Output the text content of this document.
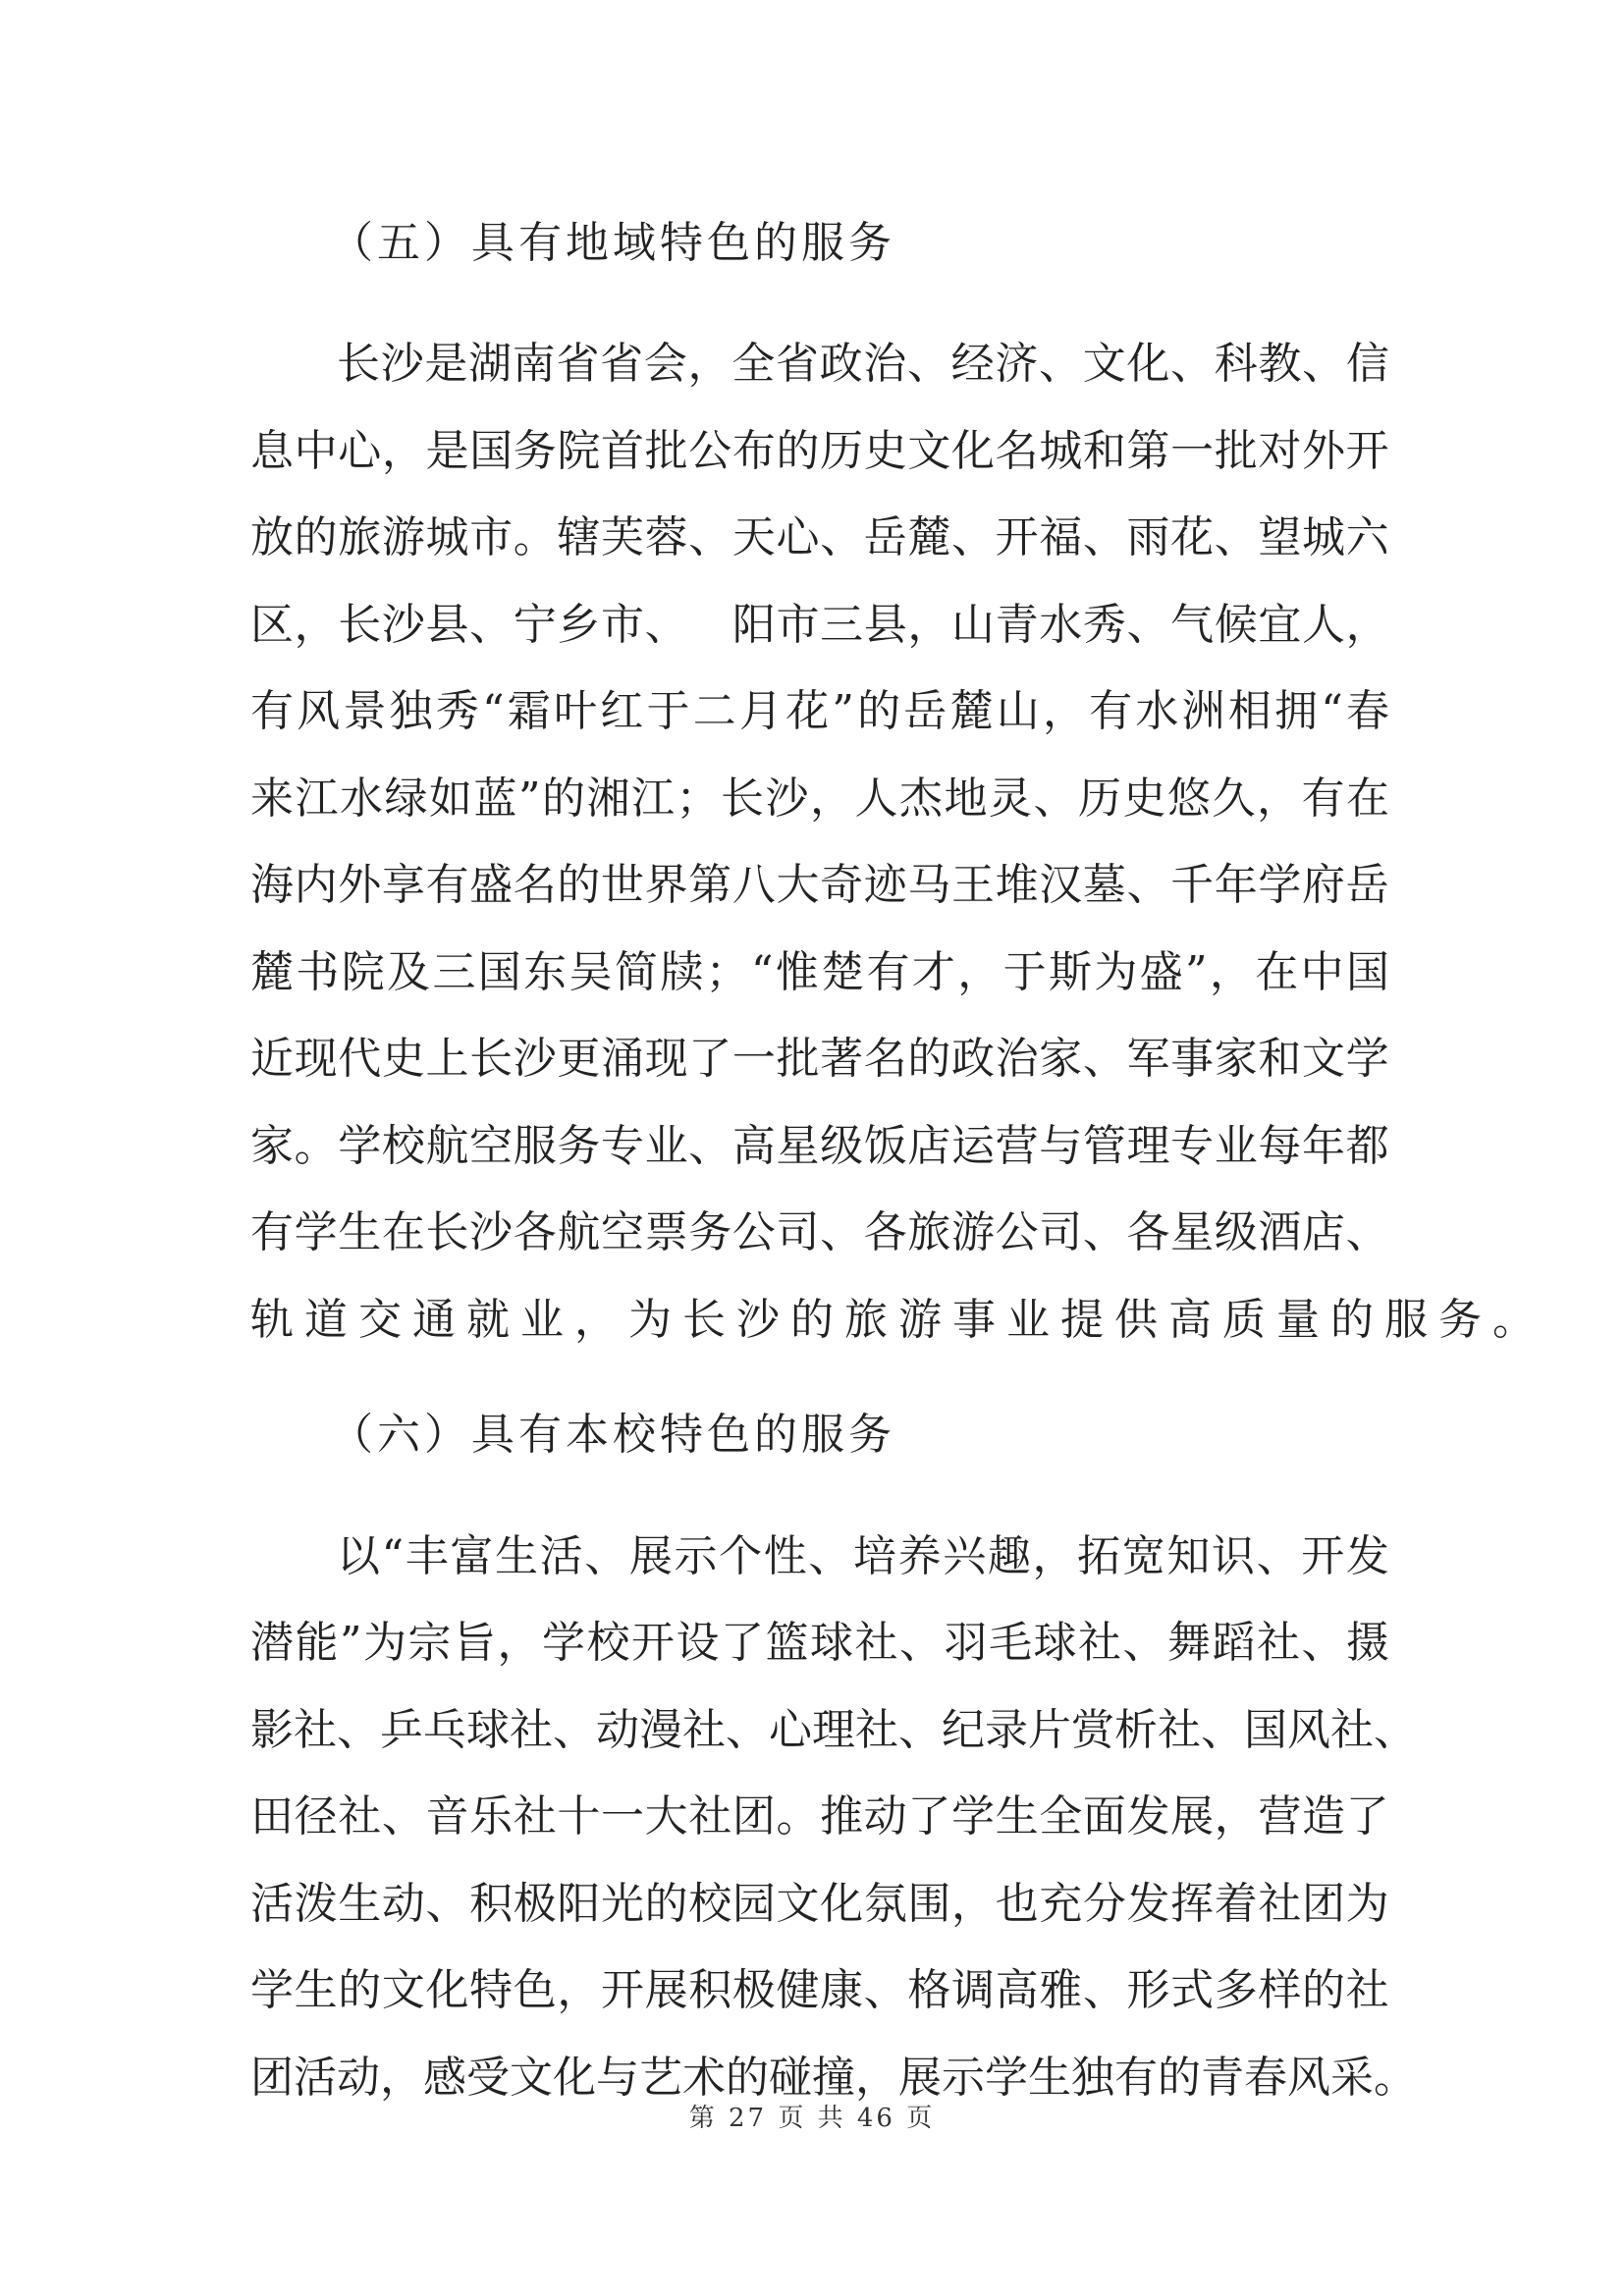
（五）具有地域特色的服务
长 沙 是 湖 南 省 省 会 ， 全 省 政 治 、 经 济 、 文 化 、 科 教 、 信
息 中 心 ， 是 国 务 院 首 批 公 布 的 历 史 文 化 名 城 和 第 一 批 对 外 开
放 的 旅 游 城 市 。 辖 芙 蓉 、 天 心 、 岳 麓 、 开 福 、 雨 花 、 望 城 六
区 ， 长 沙 县 、 宁 乡 市 、
　 阳 市 三 县 ， 山 青 水 秀 、 气 候 宜 人 ，
有 风 景 独 秀 “ 霜 叶 红 于 二 月 花 ” 的 岳 麓 山 ， 有 水 洲 相 拥 “ 春
来 江 水 绿 如 蓝 ” 的 湘 江 ； 长 沙 ， 人 杰 地 灵 、 历 史 悠 久 ， 有 在
海 内 外 享 有 盛 名 的 世 界 第 八 大 奇 迹 马 王 堆 汉 墓 、 千 年 学 府 岳
麓 书 院 及 三 国 东 吴 简 牍 ； “ 惟 楚 有 才 ， 于 斯 为 盛 ” ， 在 中 国
近 现 代 史 上 长 沙 更 涌 现 了 一 批 著 名 的 政 治 家 、 军 事 家 和 文 学
家 。 学 校 航 空 服 务 专 业 、 高 星 级 饭 店 运 营 与 管 理 专 业 每 年 都
有 学 生 在 长 沙 各 航 空 票 务 公 司 、 各 旅 游 公 司 、 各 星 级 酒 店 、
轨道交通就业，为长沙的旅游事业提供高质量的服务。
（六）具有本校特色的服务
以 “ 丰 富 生 活 、 展 示 个 性 、 培 养 兴 趣 ， 拓 宽 知 识 、 开 发
潜 能 ” 为 宗 旨 ， 学 校 开 设 了 篮 球 社 、 羽 毛 球 社 、 舞 蹈 社 、 摄
影 社 、 乒 乓 球 社 、 动 漫 社 、 心 理 社 、 纪 录 片 赏 析 社 、 国 风 社 、
田 径 社 、 音 乐 社 十 一 大 社 团 。 推 动 了 学 生 全 面 发 展 ， 营 造 了
活 泼 生 动 、 积 极 阳 光 的 校 园 文 化 氛 围 ， 也 充 分 发 挥 着 社 团 为
学 生 的 文 化 特 色 ， 开 展 积 极 健 康 、 格 调 高 雅 、 形 式 多 样 的 社
团 活 动 ， 感 受 文 化 与 艺 术 的 碰 撞 ， 展 示 学 生 独 有 的 青 春 风 采 。
第 27 页 共 46 页
